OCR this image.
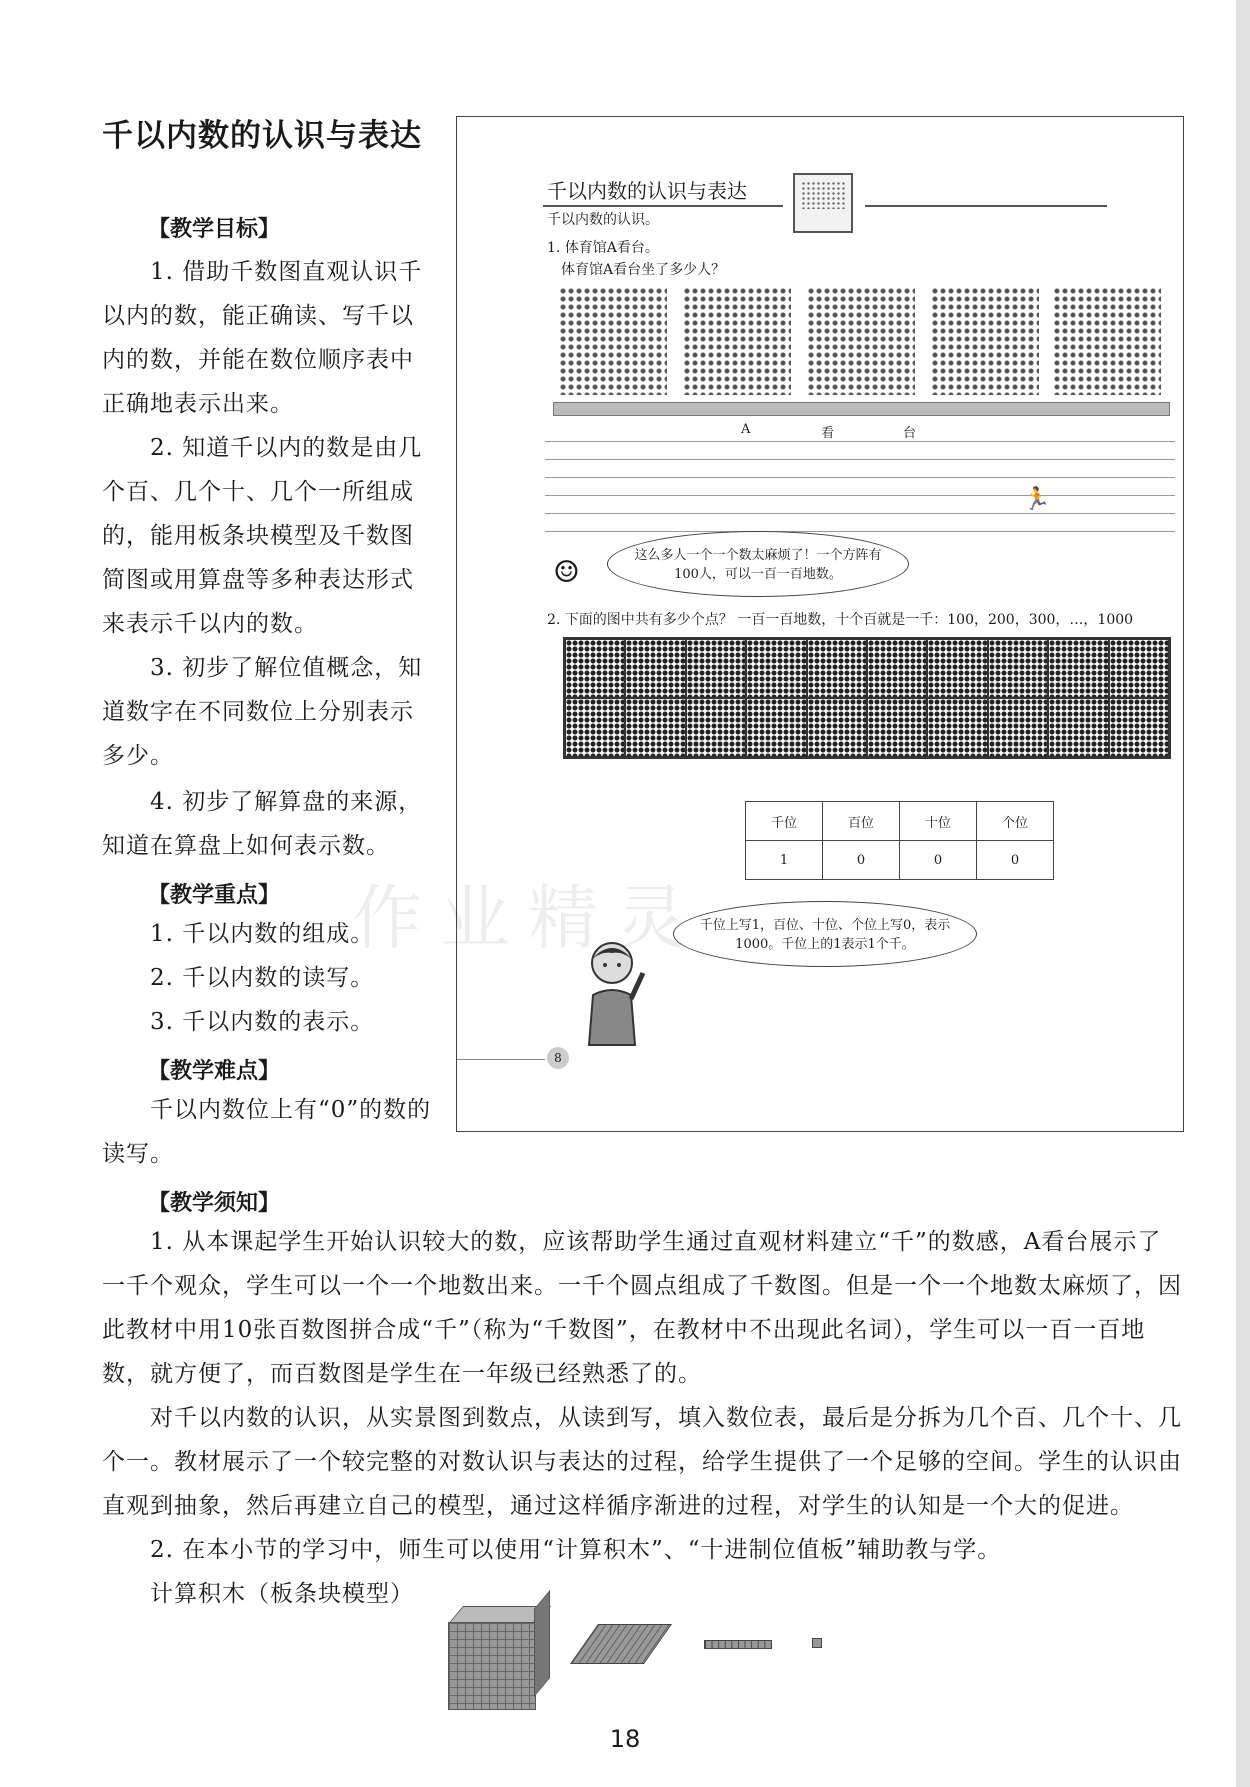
千以内数的认识与表达
【教学目标】
1. 借助千数图直观认识千以内的数，能正确读、写千以内的数，并能在数位顺序表中正确地表示出来。
2. 知道千以内的数是由几个百、几个十、几个一所组成的，能用板条块模型及千数图简图或用算盘等多种表达形式来表示千以内的数。
3. 初步了解位值概念，知道数字在不同数位上分别表示多少。
4. 初步了解算盘的来源，知道在算盘上如何表示数。
【教学重点】
1. 千以内数的组成。
2. 千以内数的读写。
3. 千以内数的表示。
【教学难点】
千以内数位上有“0”的数的读写。
千以内数的认识与表达
千以内数的认识。
1. 体育馆A看台。
体育馆A看台坐了多少人？
A	看	台
🏃
☺	这么多人一个一个数太麻烦了！一个方阵有100人，可以一百一百地数。
2. 下面的图中共有多少个点？ 一百一百地数，十个百就是一千：100，200，300，…，1000
千位	百位	十位	个位
1	0	0	0
千位上写1，百位、十位、个位上写0，表示1000。千位上的1表示1个千。
8
作业精灵
【教学须知】
1. 从本课起学生开始认识较大的数，应该帮助学生通过直观材料建立“千”的数感，A看台展示了一千个观众，学生可以一个一个地数出来。一千个圆点组成了千数图。但是一个一个地数太麻烦了，因此教材中用10张百数图拼合成“千”（称为“千数图”，在教材中不出现此名词），学生可以一百一百地数，就方便了，而百数图是学生在一年级已经熟悉了的。
对千以内数的认识，从实景图到数点，从读到写，填入数位表，最后是分拆为几个百、几个十、几个一。教材展示了一个较完整的对数认识与表达的过程，给学生提供了一个足够的空间。学生的认识由直观到抽象，然后再建立自己的模型，通过这样循序渐进的过程，对学生的认知是一个大的促进。
2. 在本小节的学习中，师生可以使用“计算积木”、“十进制位值板”辅助教与学。
计算积木（板条块模型）
18
